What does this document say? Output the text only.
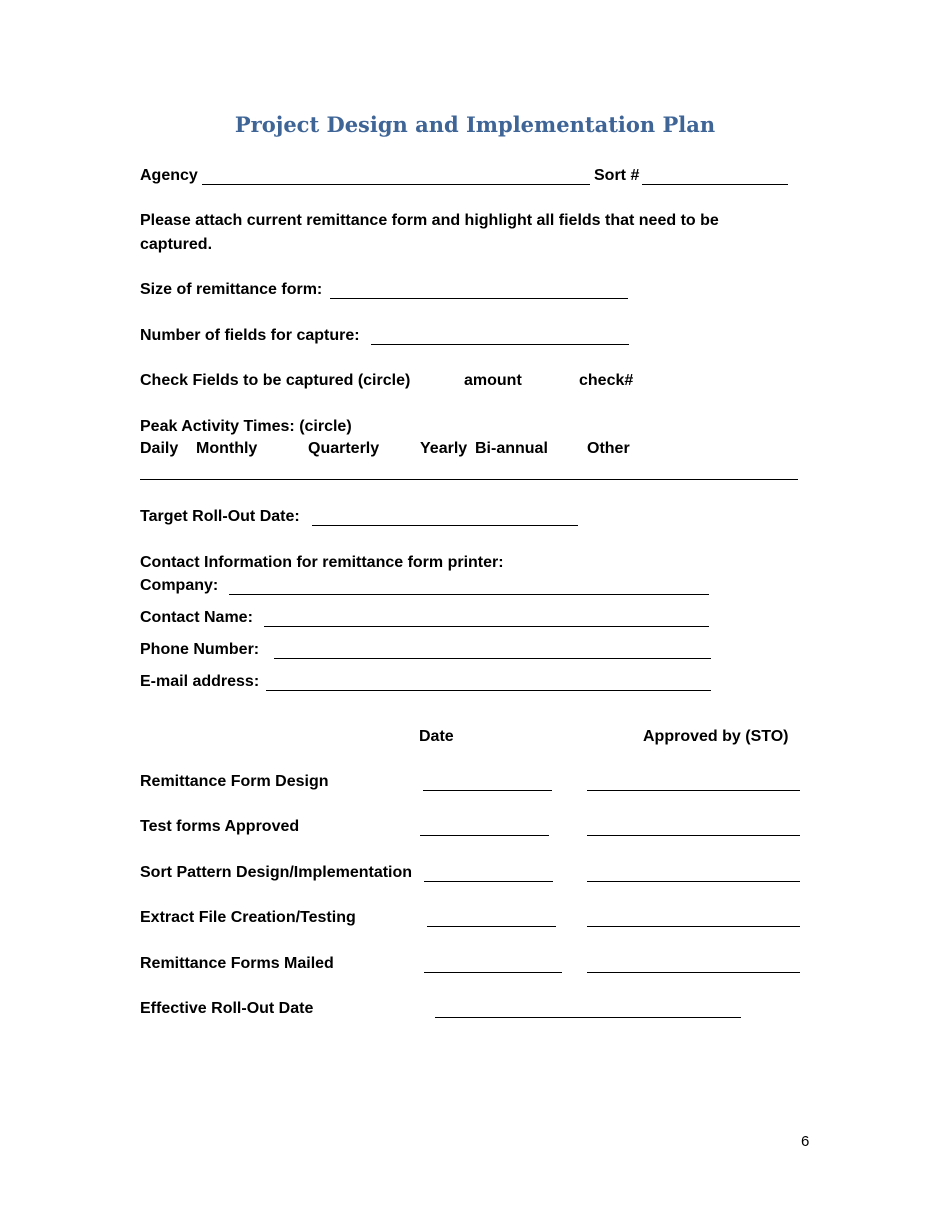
Project Design and Implementation Plan
Agency	Sort #
Please attach current remittance form and highlight all fields that need to be
captured.
Size of remittance form:
Number of fields for capture:
Check Fields to be captured (circle)	amount	check#
Peak Activity Times: (circle)
Daily Monthly	Quarterly	Yearly Bi-annual Other
Target Roll-Out Date:
Contact Information for remittance form printer:
Company:
Contact Name:
Phone Number:
E-mail address:
Date	Approved by (STO)
Remittance Form Design
Test forms Approved
Sort Pattern Design/Implementation
Extract File Creation/Testing
Remittance Forms Mailed
Effective Roll-Out Date
6
